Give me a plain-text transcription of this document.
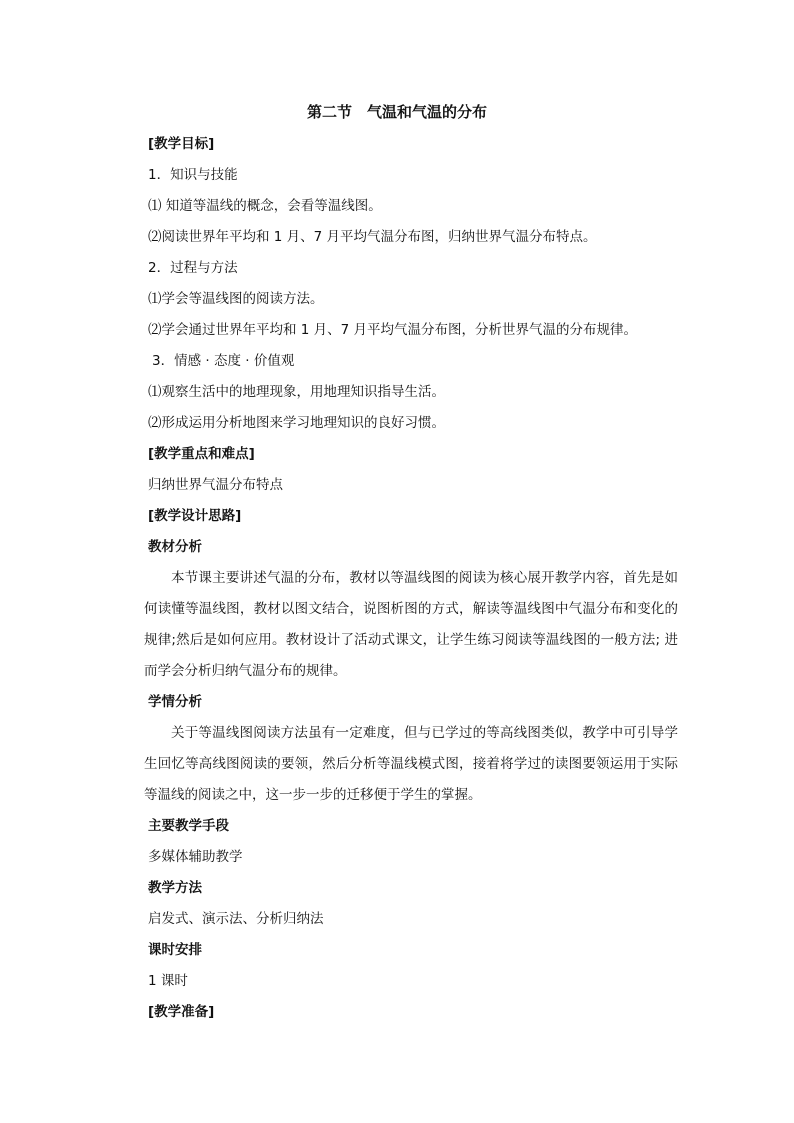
第二节　气温和气温的分布

[教学目标]

1．知识与技能

⑴ 知道等温线的概念，会看等温线图。

⑵阅读世界年平均和 1 月、7 月平均气温分布图，归纳世界气温分布特点。

2．过程与方法

⑴学会等温线图的阅读方法。

⑵学会通过世界年平均和 1 月、7 月平均气温分布图，分析世界气温的分布规律。

3．情感 · 态度 · 价值观

⑴观察生活中的地理现象，用地理知识指导生活。

⑵形成运用分析地图来学习地理知识的良好习惯。

[教学重点和难点]

归纳世界气温分布特点

[教学设计思路]

教材分析

本节课主要讲述气温的分布，教材以等温线图的阅读为核心展开教学内容，首先是如何读懂等温线图，教材以图文结合，说图析图的方式，解读等温线图中气温分布和变化的规律;然后是如何应用。教材设计了活动式课文，让学生练习阅读等温线图的一般方法; 进而学会分析归纳气温分布的规律。

学情分析

关于等温线图阅读方法虽有一定难度，但与已学过的等高线图类似，教学中可引导学生回忆等高线图阅读的要领，然后分析等温线模式图，接着将学过的读图要领运用于实际等温线的阅读之中，这一步一步的迁移便于学生的掌握。

主要教学手段

多媒体辅助教学

教学方法

启发式、演示法、分析归纳法

课时安排

1 课时

[教学准备]
